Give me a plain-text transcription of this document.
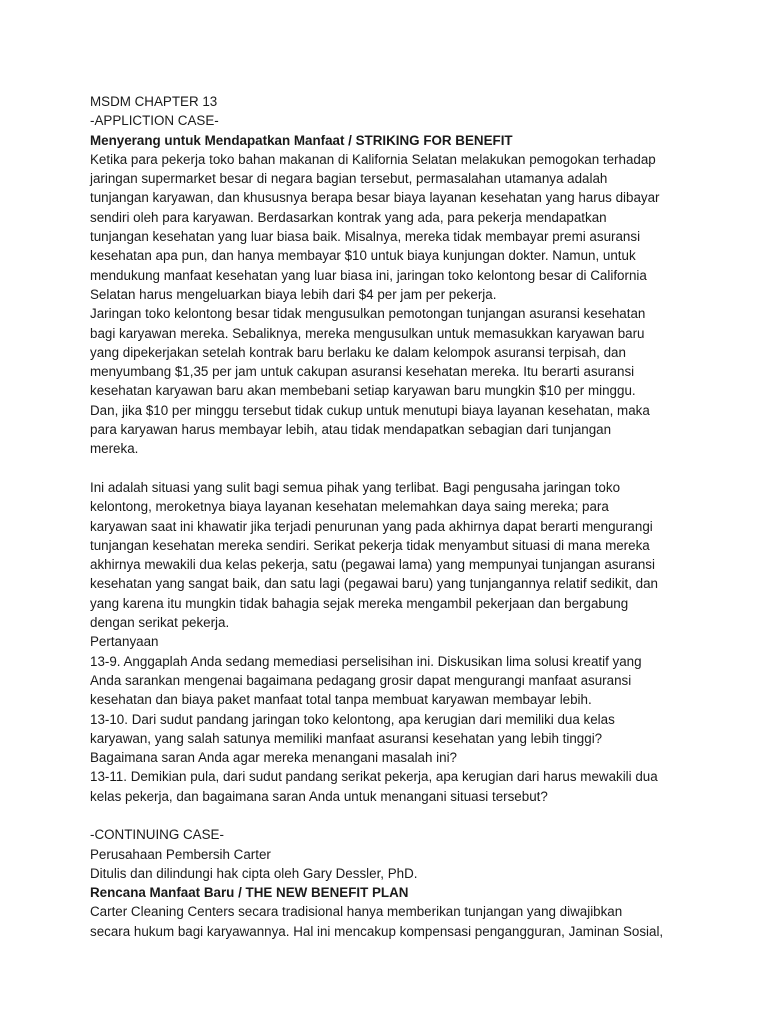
MSDM CHAPTER 13
-APPLICTION CASE-
Menyerang untuk Mendapatkan Manfaat / STRIKING FOR BENEFIT
Ketika para pekerja toko bahan makanan di Kalifornia Selatan melakukan pemogokan terhadap
jaringan supermarket besar di negara bagian tersebut, permasalahan utamanya adalah
tunjangan karyawan, dan khususnya berapa besar biaya layanan kesehatan yang harus dibayar
sendiri oleh para karyawan. Berdasarkan kontrak yang ada, para pekerja mendapatkan
tunjangan kesehatan yang luar biasa baik. Misalnya, mereka tidak membayar premi asuransi
kesehatan apa pun, dan hanya membayar $10 untuk biaya kunjungan dokter. Namun, untuk
mendukung manfaat kesehatan yang luar biasa ini, jaringan toko kelontong besar di California
Selatan harus mengeluarkan biaya lebih dari $4 per jam per pekerja.
Jaringan toko kelontong besar tidak mengusulkan pemotongan tunjangan asuransi kesehatan
bagi karyawan mereka. Sebaliknya, mereka mengusulkan untuk memasukkan karyawan baru
yang dipekerjakan setelah kontrak baru berlaku ke dalam kelompok asuransi terpisah, dan
menyumbang $1,35 per jam untuk cakupan asuransi kesehatan mereka. Itu berarti asuransi
kesehatan karyawan baru akan membebani setiap karyawan baru mungkin $10 per minggu.
Dan, jika $10 per minggu tersebut tidak cukup untuk menutupi biaya layanan kesehatan, maka
para karyawan harus membayar lebih, atau tidak mendapatkan sebagian dari tunjangan
mereka.
Ini adalah situasi yang sulit bagi semua pihak yang terlibat. Bagi pengusaha jaringan toko
kelontong, meroketnya biaya layanan kesehatan melemahkan daya saing mereka; para
karyawan saat ini khawatir jika terjadi penurunan yang pada akhirnya dapat berarti mengurangi
tunjangan kesehatan mereka sendiri. Serikat pekerja tidak menyambut situasi di mana mereka
akhirnya mewakili dua kelas pekerja, satu (pegawai lama) yang mempunyai tunjangan asuransi
kesehatan yang sangat baik, dan satu lagi (pegawai baru) yang tunjangannya relatif sedikit, dan
yang karena itu mungkin tidak bahagia sejak mereka mengambil pekerjaan dan bergabung
dengan serikat pekerja.
Pertanyaan
13-9. Anggaplah Anda sedang memediasi perselisihan ini. Diskusikan lima solusi kreatif yang
Anda sarankan mengenai bagaimana pedagang grosir dapat mengurangi manfaat asuransi
kesehatan dan biaya paket manfaat total tanpa membuat karyawan membayar lebih.
13-10. Dari sudut pandang jaringan toko kelontong, apa kerugian dari memiliki dua kelas
karyawan, yang salah satunya memiliki manfaat asuransi kesehatan yang lebih tinggi?
Bagaimana saran Anda agar mereka menangani masalah ini?
13-11. Demikian pula, dari sudut pandang serikat pekerja, apa kerugian dari harus mewakili dua
kelas pekerja, dan bagaimana saran Anda untuk menangani situasi tersebut?
-CONTINUING CASE-
Perusahaan Pembersih Carter
Ditulis dan dilindungi hak cipta oleh Gary Dessler, PhD.
Rencana Manfaat Baru / THE NEW BENEFIT PLAN
Carter Cleaning Centers secara tradisional hanya memberikan tunjangan yang diwajibkan
secara hukum bagi karyawannya. Hal ini mencakup kompensasi pengangguran, Jaminan Sosial,
